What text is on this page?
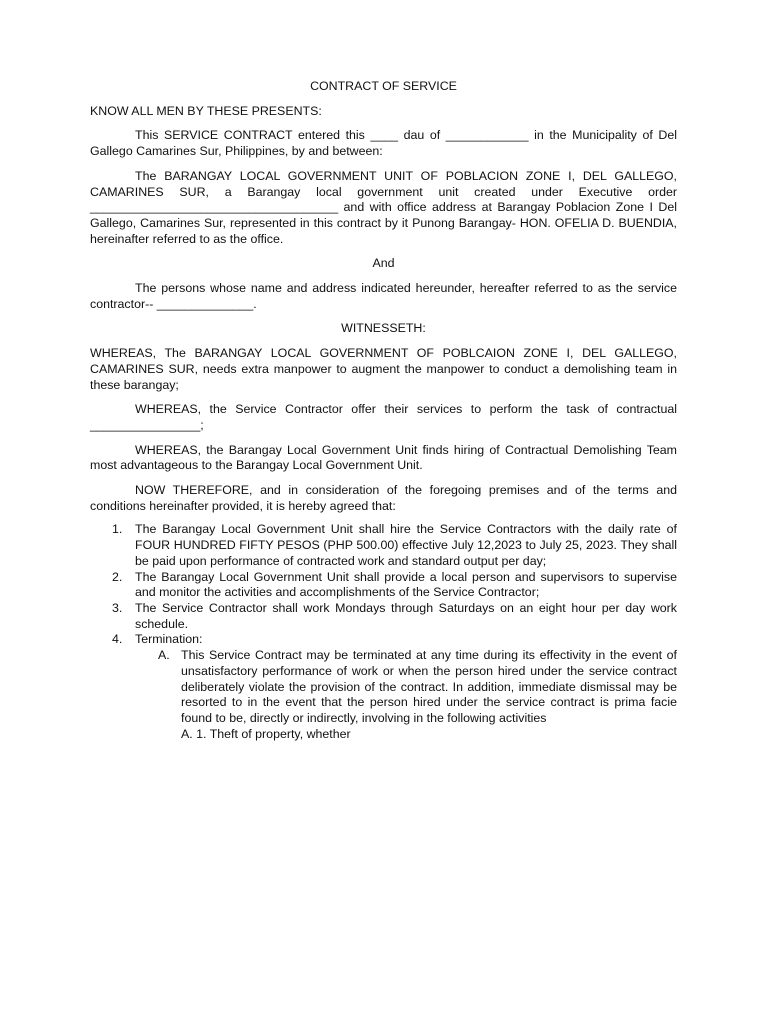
CONTRACT OF SERVICE

KNOW ALL MEN BY THESE PRESENTS:

This SERVICE CONTRACT entered this ____ dau of ____________ in the Municipality of Del Gallego Camarines Sur, Philippines, by and between:

The BARANGAY LOCAL GOVERNMENT UNIT OF POBLACION ZONE I, DEL GALLEGO, CAMARINES SUR, a Barangay local government unit created under Executive order ____________________________________ and with office address at Barangay Poblacion Zone I Del Gallego, Camarines Sur, represented in this contract by it Punong Barangay- HON. OFELIA D. BUENDIA, hereinafter referred to as the office.

And

The persons whose name and address indicated hereunder, hereafter referred to as the service contractor-- ______________.

WITNESSETH:

WHEREAS, The BARANGAY LOCAL GOVERNMENT OF POBLCAION ZONE I, DEL GALLEGO, CAMARINES SUR, needs extra manpower to augment the manpower to conduct a demolishing team in these barangay;

WHEREAS, the Service Contractor offer their services to perform the task of contractual ________________;

WHEREAS, the Barangay Local Government Unit finds hiring of Contractual Demolishing Team most advantageous to the Barangay Local Government Unit.

NOW THEREFORE, and in consideration of the foregoing premises and of the terms and conditions hereinafter provided, it is hereby agreed that:

1. The Barangay Local Government Unit shall hire the Service Contractors with the daily rate of FOUR HUNDRED FIFTY PESOS (PHP 500.00) effective July 12,2023 to July 25, 2023. They shall be paid upon performance of contracted work and standard output per day;
2. The Barangay Local Government Unit shall provide a local person and supervisors to supervise and monitor the activities and accomplishments of the Service Contractor;
3. The Service Contractor shall work Mondays through Saturdays on an eight hour per day work schedule.
4. Termination:
A. This Service Contract may be terminated at any time during its effectivity in the event of unsatisfactory performance of work or when the person hired under the service contract deliberately violate the provision of the contract. In addition, immediate dismissal may be resorted to in the event that the person hired under the service contract is prima facie found to be, directly or indirectly, involving in the following activities
A. 1. Theft of property, whether
